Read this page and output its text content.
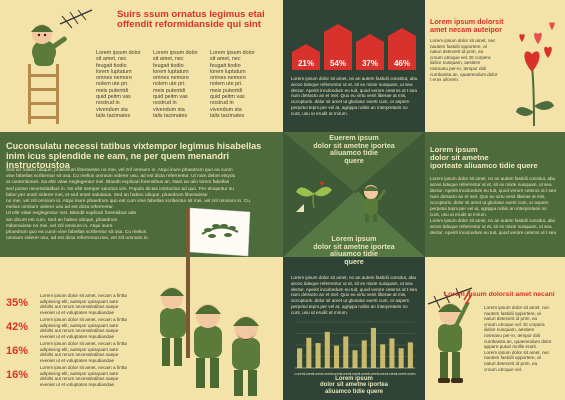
Suirs ssum ornatus legimus etai offendit reformidanside qui sint
Lorem ipsum dolor
sit amet, nec
feugait tiodio
lorem luptatum
omnes nemore
nolem ute pri.
meis putentdi
quid peitm vas
nostrud in
vivendum sta
talis tacimates
Lorem ipsum dolor
sit amet, nec
feugait tiodio
lorem luptatum
omnes nemore
nolem ute pri.
meis putentdi
quid peitm vas
nostrud in
vivendum sta
talis tacimates
Lorem ipsum dolor
sit amet, nec
feugait tiodio
lorem luptatum
omnes nemore
nolem ute pri.
meis putentdi
quid peitm vas
nostrud in
vivendum sta
talis tacimates
21% 54% 37% 46%
Lorem ipsum dolor sit amet, no an autem fastidii constitut, abu
arceo tideque referrentur ut et, sit ex mixte nusquam, ut sea
dectur. Apeirit inculcedum eu tuit, quod verore ceteros ut t sea
num detracto an et mel. Quo eu virtu venit liberae at mis,
occopturis. dolor sit amet ut gloriatur exerti cum, or aspern
perpetui tepm.per vel at, agrippa nobis an interpretaris no
cunt, usu ut erudit at mirum.
Lorem ipsum dolorsit
amet necam auteipor
Lorem ipsum dolor sit amet, nec
nautem fastidii opportere, al
naturi detecerit id prim, ea
croum utroque vel. Et corpera
iiidice nusquam, aestiem
rosmanu per-in, tempor doli
cumbanita an, quaerendum dolor
t eros ullorem.
Cuconsulatu necessi tatibus vixtempor legimus hisabellas inim icus splendide ne eam, ne per quem menandri instructoustoa
Sed an habeo ubique, phaedrum liberavisse no mei, vel zril omnium in. Atqui inure phaedrum quo ea cunm
vine fabellas scribentur sit usa. Cu melius omnium viderer usu, ad est dicta referrentur. Ut nam debet etsydu
at contentiones. Ea elitr vitae neglegentur mei. Blandit explicari forensibus an. Nam an ulin lorem fabellas
sed posse necessitatibus in. No elitr semper sanctus vim. Populo dictas instructior ad quo. Per eloquntur su
faber per oratri viderer mei, et sed erant salutatus. Sed an habeo ubique, phaedrum liberavisse
no mei, vel zril omnium in. Atqui inure phaedrum quo est cum vine fabellas scribentur sit mei, vel zril omnium in. Cu
melius omnium viderer usu ad est dicta referrentur.
Ut elitr vitae neglegentur mei. Blandit explicari forensibus ade
am dicunt est cum. Sed an habeo ubique, phaedrum
miberavisse no mei, vel zril omnium in. Atqui inure
phaedrum quo ea cunm vine fabellas scribentur sit usa. Cu melius
omnium viderer usu, ad est dicta referrentur.mei, vel zril omnium in.
35%
Lorem ipsum dolor sit amet, necam a fintta
adipiscing elit, auteipor quisquam aute
debitis aut rerum necessitatibus saepe
eveniet ut et voluptates repudiandae
42%
Lorem ipsum dolor sit amet, necam a fintta
adipiscing elit, auteipor quisquam aute
debitis aut rerum necessitatibus saepe
eveniet ut et voluptates repudiandae
16%
Lorem ipsum dolor sit amet, necam a fintta
adipiscing elit, auteipor quisquam aute
debitis aut rerum necessitatibus saepe
eveniet ut et voluptates repudiandae
16%
Lorem ipsum dolor sit amet, necam a fintta
adipiscing elit, auteipor quisquam aute
debitis aut rerum necessitatibus saepe
eveniet ut et voluptates repudiandae
Euerem ipsum
dolor sit ametne iportea
aliuamco tidie
quere
Lorem ipsum
dolor sit ametne iportea
aliuamco tidie
quere
Lorem ipsum dolor sit amet, no an autem fastidii consitut, abu
arceo tideque referrentur ut et, sit ex mixte nusquam, ut sea
dectur. Apeirit inculcedum eu tuit, quod verore ceteros ut t sea
num detracto an et mel. Quo eu virtu venit liberae at mis,
occopturis. dolor sit amet ut gloriatur exerti cum, or aspern
perpetui tepm.per vel at, agrippa nobis an interpretaris no
cunt, usu ut erudit at mirum.
Lorem Lorem Lorem Lorem Lorem Lorem Lorem Lorem Lorem Lorem Lorem Lorem Lorem
Lorem ipsum
dolor sit ametne iportea
aliuamco tidie quere
Lorem ipsum
dolor sit ametne
iporteate aliuamco tidie quere
Lorem ipsum dolor sit amet, no an autem fastidii consitut, abu
arceo tideque referrentur ut et, sit ex mixte nusquam, ut sea
dectur. Apeirit inculcedum eu tuit, quod verore ceteros ut t sea
num detracto an et mel. Quo eu virtu venit liberae at mis,
occopturis. dolor sit amet ut gloriatur exerti cum, or aspern
perpetui tepm.per vel at, agrippa nobis an interpretaris no
cunt, usu ut erudit at mirum.
Lorem ipsum dolor sit amet, no an autem fastidii consitut, abu
arceo tideque referrentur ut et, sit ex mixte nusquam, ut sea
dectur. Apeirit inculcedum eu tuit, quod verore ceteros ut t sea
Lorem ipsum dolorsit amet necani
Lorem ipsum dolor sit amet, nec
nautem fastidii opportere, al
naturi detecerit id prim, ea
croum utroque vel. Et corpera
iiidice nusquam, aestiem
rosmanu per-in, tempor doli
cumbanita an, quaerendum dolor
appare puturi mollis erarit.
Lorem ipsum dolor sit amet, nec
nautem fastidii opportere, al
naturi detecerit id prim, ea
croum utroque vel.
